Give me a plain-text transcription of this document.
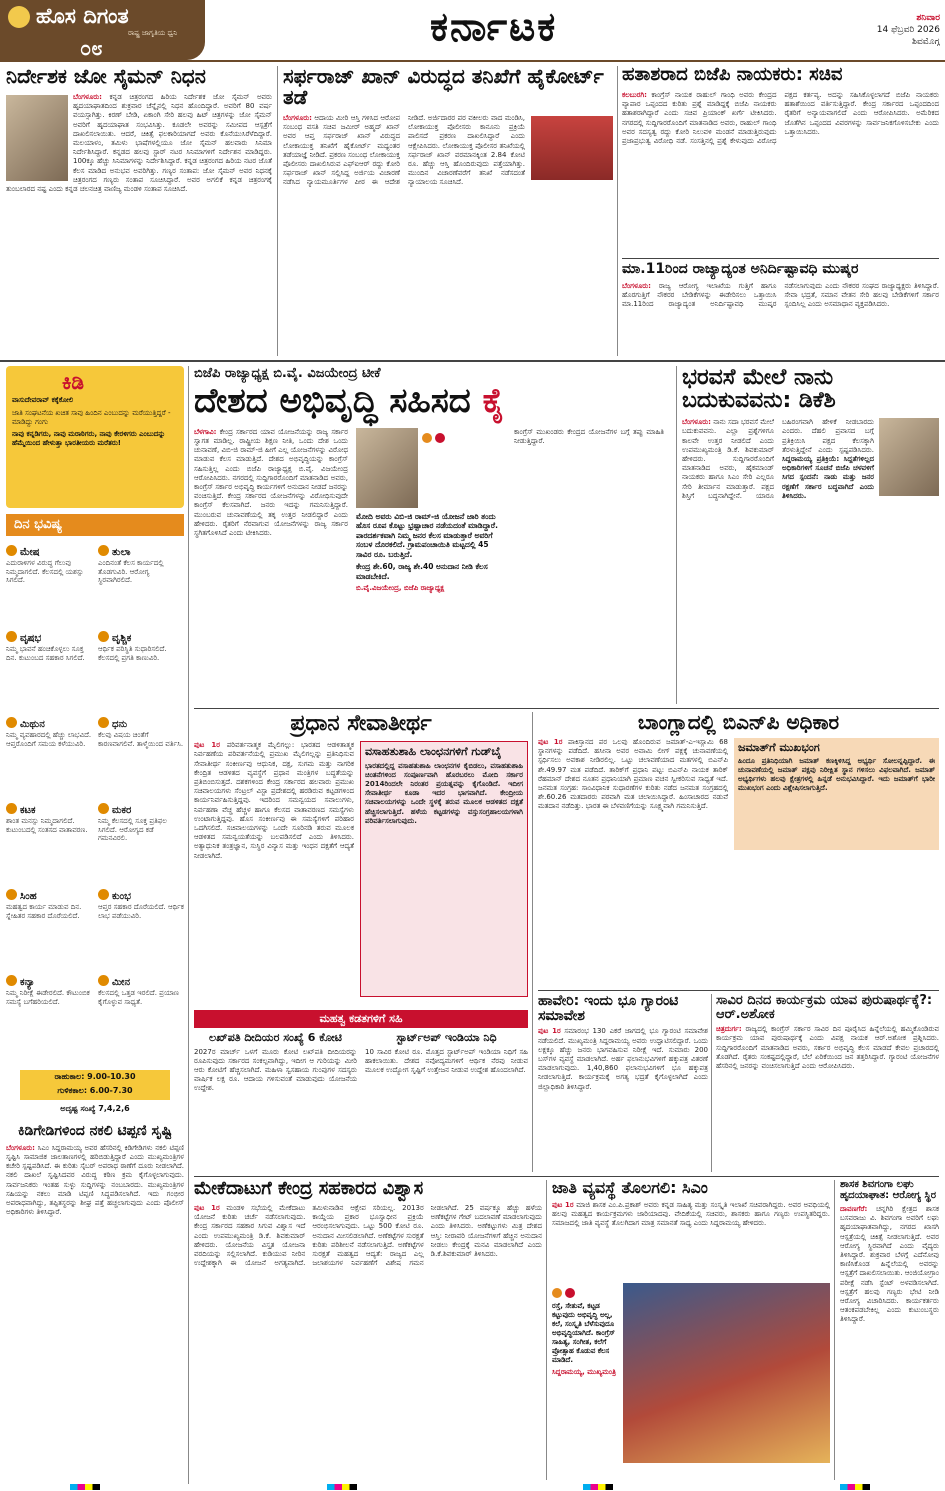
ಹೊಸ ದಿಗಂತ
ರಾಷ್ಟ್ರ ಜಾಗೃತಿಯ ಧ್ವನಿ
೦೮	ಕರ್ನಾಟಕ	ಶನಿವಾರ
14 ಫೆಬ್ರವರಿ 2026
ಶಿವಮೊಗ್ಗ
ನಿರ್ದೇಶಕ ಜೋ ಸೈಮನ್ ನಿಧನ
ಬೆಂಗಳೂರು: ಕನ್ನಡ ಚಿತ್ರರಂಗದ ಹಿರಿಯ ನಿರ್ದೇಶಕ ಜೋ ಸೈಮನ್ ಅವರು ಹೃದಯಾಘಾತದಿಂದ ಶುಕ್ರವಾರ ಚೆನ್ನೈನಲ್ಲಿ ನಿಧನ ಹೊಂದಿದ್ದಾರೆ. ಅವರಿಗೆ 80 ವರ್ಷ ವಯಸ್ಸಾಗಿತ್ತು. ಕಿರಣ್ ಬೇಡಿ, ಏಕಾಂಗಿ ಸೇರಿ ಹಲವು ಹಿಟ್ ಚಿತ್ರಗಳನ್ನು ಜೋ ಸೈಮನ್ ಅವರಿಗೆ ಹೃದಯಾಘಾತ ಸಂಭವಿಸಿತ್ತು. ಕೂಡಲೇ ಅವರನ್ನು ಸಮೀಪದ ಆಸ್ಪತ್ರೆಗೆ ದಾಖಲಿಸಲಾಯಿತು. ಆದರೆ, ಚಿಕಿತ್ಸೆ ಫಲಕಾರಿಯಾಗದೆ ಅವರು ಕೊನೆಯುಸಿರೆಳೆದಿದ್ದಾರೆ. ಮಲಯಾಳಂ, ತಮಿಳು ಭಾಷೆಗಳಲ್ಲಿಯೂ ಜೋ ಸೈಮನ್ ಹಲವಾರು ಸಿನಿಮಾ ನಿರ್ದೇಶಿಸಿದ್ದಾರೆ. ಕನ್ನಡದ ಹಲವು ಸ್ಟಾರ್ ನಟರ ಸಿನಿಮಾಗಳಿಗೆ ನಿರ್ದೇಶನ ಮಾಡಿದ್ದರು. 100ಕ್ಕೂ ಹೆಚ್ಚು ಸಿನಿಮಾಗಳನ್ನು ನಿರ್ದೇಶಿಸಿದ್ದಾರೆ. ಕನ್ನಡ ಚಿತ್ರರಂಗದ ಹಿರಿಯ ನಟರ ಜೊತೆ ಕೆಲಸ ಮಾಡಿದ ಅನುಭವ ಅವರಿಗಿತ್ತು. ಗಣ್ಯರ ಸಂತಾಪ: ಜೋ ಸೈಮನ್ ಅವರ ನಿಧನಕ್ಕೆ ಚಿತ್ರರಂಗದ ಗಣ್ಯರು ಸಂತಾಪ ಸೂಚಿಸಿದ್ದಾರೆ. ಅವರ ಅಗಲಿಕೆ ಕನ್ನಡ ಚಿತ್ರರಂಗಕ್ಕೆ ತುಂಬಲಾರದ ನಷ್ಟ ಎಂದು ಕನ್ನಡ ಚಲನಚಿತ್ರ ವಾಣಿಜ್ಯ ಮಂಡಳಿ ಸಂತಾಪ ಸೂಚಿಸಿದೆ.
ಸರ್ಫರಾಜ್ ಖಾನ್ ವಿರುದ್ಧದ ತನಿಖೆಗೆ ಹೈಕೋರ್ಟ್ ತಡೆ
ಬೆಂಗಳೂರು: ಆದಾಯ ಮೀರಿ ಆಸ್ತಿ ಗಳಿಸಿದ ಆರೋಪ ಸಂಬಂಧ ವಸತಿ ಸಚಿವ ಜಮೀರ್ ಅಹ್ಮದ್ ಖಾನ್ ಅವರ ಆಪ್ತ ಸರ್ಫರಾಜ್ ಖಾನ್ ವಿರುದ್ಧದ ಲೋಕಾಯುಕ್ತ ತನಿಖೆಗೆ ಹೈಕೋರ್ಟ್ ಮಧ್ಯಂತರ ತಡೆಯಾಜ್ಞೆ ನೀಡಿದೆ. ಪ್ರಕರಣ ಸಂಬಂಧ ಲೋಕಾಯುಕ್ತ ಪೊಲೀಸರು ದಾಖಲಿಸಿರುವ ಎಫ್‌ಐಆರ್ ರದ್ದು ಕೋರಿ ಸರ್ಫರಾಜ್ ಖಾನ್ ಸಲ್ಲಿಸಿದ್ದ ಅರ್ಜಿಯ ವಿಚಾರಣೆ ನಡೆಸಿದ ನ್ಯಾಯಮೂರ್ತಿಗಳ ಪೀಠ ಈ ಆದೇಶ ನೀಡಿದೆ. ಅರ್ಜಿದಾರರ ಪರ ವಕೀಲರು ವಾದ ಮಂಡಿಸಿ, ಲೋಕಾಯುಕ್ತ ಪೊಲೀಸರು ಕಾನೂನು ಪ್ರಕ್ರಿಯೆ ಪಾಲಿಸದೆ ಪ್ರಕರಣ ದಾಖಲಿಸಿದ್ದಾರೆ ಎಂದು ಆಕ್ಷೇಪಿಸಿದರು. ಲೋಕಾಯುಕ್ತ ಪೊಲೀಸರ ತನಿಖೆಯಲ್ಲಿ ಸರ್ಫರಾಜ್ ಖಾನ್ ವರಮಾನಕ್ಕಿಂತ 2.84 ಕೋಟಿ ರೂ. ಹೆಚ್ಚು ಆಸ್ತಿ ಹೊಂದಿರುವುದು ಪತ್ತೆಯಾಗಿತ್ತು. ಮುಂದಿನ ವಿಚಾರಣೆವರೆಗೆ ತನಿಖೆ ನಡೆಸದಂತೆ ನ್ಯಾಯಾಲಯ ಸೂಚಿಸಿದೆ.
ಹತಾಶರಾದ ಬಿಜೆಪಿ ನಾಯಕರು: ಸಚಿವ
ಕಲಬುರಗಿ: ಕಾಂಗ್ರೆಸ್ ನಾಯಕ ರಾಹುಲ್ ಗಾಂಧಿ ಅವರು ಕೇಂದ್ರದ ವ್ಯಾಪಾರ ಒಪ್ಪಂದದ ಕುರಿತು ಪ್ರಶ್ನೆ ಮಾಡಿದ್ದಕ್ಕೆ ಬಿಜೆಪಿ ನಾಯಕರು ಹತಾಶರಾಗಿದ್ದಾರೆ ಎಂದು ಸಚಿವ ಪ್ರಿಯಾಂಕ್ ಖರ್ಗೆ ಟೀಕಿಸಿದರು. ನಗರದಲ್ಲಿ ಸುದ್ದಿಗಾರರೊಂದಿಗೆ ಮಾತನಾಡಿದ ಅವರು, ರಾಹುಲ್ ಗಾಂಧಿ ಅವರ ಸದಸ್ಯತ್ವ ರದ್ದು ಕೋರಿ ನಿಲುವಳಿ ಮಂಡನೆ ಮಾಡುತ್ತಿರುವುದು ಪ್ರಜಾಪ್ರಭುತ್ವ ವಿರೋಧಿ ನಡೆ. ಸಂಸತ್ತಿನಲ್ಲಿ ಪ್ರಶ್ನೆ ಕೇಳುವುದು ವಿರೋಧ ಪಕ್ಷದ ಕರ್ತವ್ಯ. ಅದನ್ನು ಸಹಿಸಿಕೊಳ್ಳಲಾಗದೆ ಬಿಜೆಪಿ ನಾಯಕರು ಹತಾಶೆಯಿಂದ ವರ್ತಿಸುತ್ತಿದ್ದಾರೆ. ಕೇಂದ್ರ ಸರ್ಕಾರದ ಒಪ್ಪಂದದಿಂದ ರೈತರಿಗೆ ಅನ್ಯಾಯವಾಗಲಿದೆ ಎಂದು ಆರೋಪಿಸಿದರು. ಅಮೆರಿಕದ ಜೊತೆಗಿನ ಒಪ್ಪಂದದ ವಿವರಗಳನ್ನು ಸಾರ್ವಜನಿಕಗೊಳಿಸಬೇಕು ಎಂದು ಒತ್ತಾಯಿಸಿದರು.
ಮಾ.11ರಿಂದ ರಾಜ್ಯಾದ್ಯಂತ ಅನಿರ್ದಿಷ್ಟಾವಧಿ ಮುಷ್ಕರ
ಬೆಂಗಳೂರು: ರಾಜ್ಯ ಆರೋಗ್ಯ ಇಲಾಖೆಯ ಗುತ್ತಿಗೆ ಹಾಗೂ ಹೊರಗುತ್ತಿಗೆ ನೌಕರರ ಬೇಡಿಕೆಗಳನ್ನು ಈಡೇರಿಸಲು ಒತ್ತಾಯಿಸಿ ಮಾ.11ರಿಂದ ರಾಜ್ಯಾದ್ಯಂತ ಅನಿರ್ದಿಷ್ಟಾವಧಿ ಮುಷ್ಕರ ನಡೆಸಲಾಗುವುದು ಎಂದು ನೌಕರರ ಸಂಘದ ರಾಜ್ಯಾಧ್ಯಕ್ಷರು ತಿಳಿಸಿದ್ದಾರೆ. ಸೇವಾ ಭದ್ರತೆ, ಸಮಾನ ವೇತನ ಸೇರಿ ಹಲವು ಬೇಡಿಕೆಗಳಿಗೆ ಸರ್ಕಾರ ಸ್ಪಂದಿಸಿಲ್ಲ ಎಂದು ಅಸಮಾಧಾನ ವ್ಯಕ್ತಪಡಿಸಿದರು.
ಕಿಡಿ
ವಾಸುದೇವರಾವ್ ಕಕ್ಕೆಕೋಲಿ
ಜಾತಿ ಸಂಘಟನೆಯ ಖಚಿತ ಸಾವು ಹಿಂದಿನ ಎಂಬುದನ್ನು ಮರೆಯುತ್ತಿದ್ದರೆ - ಮಾಡಿದ್ದು ಗಂಗು
ನಾವು ಕನ್ನಡಿಗರು, ನಾವು ಮರಾಠಿಗರು, ನಾವು ಕೇರಳಿಗರು ಎಂಬುದನ್ನು ಹೆಮ್ಮೆಯಿಂದ ಹೇಳುತ್ತಾ ಭಾರತೀಯರು ಮರೆತರು!
ದಿನ ಭವಿಷ್ಯ
ಮೇಷ
ಎದುರಾಳಿಗಳ ವಿರುದ್ಧ ಗೆಲುವು ನಿಮ್ಮದಾಗಲಿದೆ. ಕೆಲಸದಲ್ಲಿ ಯಶಸ್ಸು ಸಿಗಲಿದೆ.
ತುಲಾ
ಎಂದಿನಂತೆ ಕೆಲಸ ಕಾರ್ಯದಲ್ಲಿ ತೊಡಗುವಿರಿ. ಆರೋಗ್ಯ ಸ್ಥಿರವಾಗಿರಲಿದೆ.
ವೃಷಭ
ನಿಮ್ಮ ಭಾವನೆ ಹಂಚಿಕೊಳ್ಳಲು ಸೂಕ್ತ ದಿನ. ಕುಟುಂಬದ ಸಹಕಾರ ಸಿಗಲಿದೆ.
ವೃಶ್ಚಿಕ
ಆರ್ಥಿಕ ಪರಿಸ್ಥಿತಿ ಸುಧಾರಿಸಲಿದೆ. ಕೆಲಸದಲ್ಲಿ ಪ್ರಗತಿ ಕಾಣುವಿರಿ.
ಮಿಥುನ
ನಿಮ್ಮ ವ್ಯವಹಾರದಲ್ಲಿ ಹೆಚ್ಚು ಲಾಭವಿದೆ. ಆಪ್ತರೊಂದಿಗೆ ಸಮಯ ಕಳೆಯುವಿರಿ.
ಧನು
ಕೆಲವು ವಿಷಯ ಚಿಂತೆಗೆ ಕಾರಣವಾಗಲಿವೆ. ತಾಳ್ಮೆಯಿಂದ ವರ್ತಿಸಿ.
ಕಟಕ
ಶಾಂತ ಮನಸ್ಸು ನಿಮ್ಮದಾಗಲಿದೆ. ಕುಟುಂಬದಲ್ಲಿ ಸಂತಸದ ವಾತಾವರಣ.
ಮಕರ
ನಿಮ್ಮ ಕೆಲಸದಲ್ಲಿ ಸೂಕ್ತ ಪ್ರತಿಫಲ ಸಿಗಲಿದೆ. ಆರೋಗ್ಯದ ಕಡೆ ಗಮನವಿರಲಿ.
ಸಿಂಹ
ಮಹತ್ವದ ಕಾರ್ಯ ಮಾಡುವ ದಿನ. ಸ್ನೇಹಿತರ ಸಹಕಾರ ದೊರೆಯಲಿದೆ.
ಕುಂಭ
ಆಪ್ತರ ಸಹಕಾರ ದೊರೆಯಲಿದೆ. ಆರ್ಥಿಕ ಲಾಭ ಪಡೆಯುವಿರಿ.
ಕನ್ಯಾ
ನಿಮ್ಮ ನಿರೀಕ್ಷೆ ಈಡೇರಲಿದೆ. ಕೌಟುಂಬಿಕ ಸಮಸ್ಯೆ ಬಗೆಹರಿಯಲಿದೆ.
ಮೀನ
ಕೆಲಸದಲ್ಲಿ ಒತ್ತಡ ಇರಲಿದೆ. ಪ್ರಯಾಣ ಕೈಗೊಳ್ಳುವ ಸಾಧ್ಯತೆ.
ರಾಹುಕಾಲ: 9.00-10.30
ಗುಳಿಕಕಾಲ: 6.00-7.30
ಅದೃಷ್ಟ ಸಂಖ್ಯೆ 7,4,2,6
ಕಿಡಿಗೇಡಿಗಳಿಂದ ನಕಲಿ ಟಿಪ್ಪಣಿ ಸೃಷ್ಟಿ
ಬೆಂಗಳೂರು: ಸಿಎಂ ಸಿದ್ದರಾಮಯ್ಯ ಅವರ ಹೆಸರಿನಲ್ಲಿ ಕಿಡಿಗೇಡಿಗಳು ನಕಲಿ ಟಿಪ್ಪಣಿ ಸೃಷ್ಟಿಸಿ ಸಾಮಾಜಿಕ ಜಾಲತಾಣಗಳಲ್ಲಿ ಹರಿಬಿಡುತ್ತಿದ್ದಾರೆ ಎಂದು ಮುಖ್ಯಮಂತ್ರಿಗಳ ಕಚೇರಿ ಸ್ಪಷ್ಟಪಡಿಸಿದೆ. ಈ ಕುರಿತು ಸೈಬರ್ ಅಪರಾಧ ಠಾಣೆಗೆ ದೂರು ನೀಡಲಾಗಿದೆ. ನಕಲಿ ದಾಖಲೆ ಸೃಷ್ಟಿಸಿದವರ ವಿರುದ್ಧ ಕಠಿಣ ಕ್ರಮ ಕೈಗೊಳ್ಳಲಾಗುವುದು. ಸಾರ್ವಜನಿಕರು ಇಂತಹ ಸುಳ್ಳು ಸುದ್ದಿಗಳನ್ನು ನಂಬಬಾರದು. ಮುಖ್ಯಮಂತ್ರಿಗಳ ಸಹಿಯನ್ನು ನಕಲು ಮಾಡಿ ಟಿಪ್ಪಣಿ ಸಿದ್ಧಪಡಿಸಲಾಗಿದೆ. ಇದು ಗಂಭೀರ ಅಪರಾಧವಾಗಿದ್ದು, ತಪ್ಪಿತಸ್ಥರನ್ನು ಶೀಘ್ರ ಪತ್ತೆ ಹಚ್ಚಲಾಗುವುದು ಎಂದು ಪೊಲೀಸ್ ಅಧಿಕಾರಿಗಳು ತಿಳಿಸಿದ್ದಾರೆ.
ಬಿಜೆಪಿ ರಾಜ್ಯಾಧ್ಯಕ್ಷ ಬಿ.ವೈ. ವಿಜಯೇಂದ್ರ ಟೀಕೆ
ದೇಶದ ಅಭಿವೃದ್ಧಿ ಸಹಿಸದ ಕೈ
ಬೆಳಗಾವಿ: ಕೇಂದ್ರ ಸರ್ಕಾರದ ಯಾವ ಯೋಜನೆಯನ್ನು ರಾಜ್ಯ ಸರ್ಕಾರ ಸ್ವಾಗತ ಮಾಡಿಲ್ಲ. ರಾಷ್ಟ್ರೀಯ ಶಿಕ್ಷಣ ನೀತಿ, ಒಂದು ದೇಶ ಒಂದು ಚುನಾವಣೆ, ವಿಬಿ-ಜಿ ರಾಮ್-ಜಿ ಹೀಗೆ ಎಲ್ಲ ಯೋಜನೆಗಳನ್ನು ವಿರೋಧ ಮಾಡುವ ಕೆಲಸ ಮಾಡುತ್ತಿದೆ. ದೇಶದ ಅಭಿವೃದ್ಧಿಯನ್ನು ಕಾಂಗ್ರೆಸ್ ಸಹಿಸುತ್ತಿಲ್ಲ ಎಂದು ಬಿಜೆಪಿ ರಾಜ್ಯಾಧ್ಯಕ್ಷ ಬಿ.ವೈ. ವಿಜಯೇಂದ್ರ ಆರೋಪಿಸಿದರು. ನಗರದಲ್ಲಿ ಸುದ್ದಿಗಾರರೊಂದಿಗೆ ಮಾತನಾಡಿದ ಅವರು, ಕಾಂಗ್ರೆಸ್ ಸರ್ಕಾರ ಅಭಿವೃದ್ಧಿ ಕಾರ್ಯಗಳಿಗೆ ಅನುದಾನ ನೀಡದೆ ಜನರನ್ನು ವಂಚಿಸುತ್ತಿದೆ. ಕೇಂದ್ರ ಸರ್ಕಾರದ ಯೋಜನೆಗಳನ್ನು ವಿರೋಧಿಸುವುದೇ ಕಾಂಗ್ರೆಸ್ ಕೆಲಸವಾಗಿದೆ. ಜನರು ಇದನ್ನು ಗಮನಿಸುತ್ತಿದ್ದಾರೆ. ಮುಂಬರುವ ಚುನಾವಣೆಯಲ್ಲಿ ತಕ್ಕ ಉತ್ತರ ನೀಡಲಿದ್ದಾರೆ ಎಂದು ಹೇಳಿದರು. ರೈತರಿಗೆ ನೆರವಾಗುವ ಯೋಜನೆಗಳನ್ನು ರಾಜ್ಯ ಸರ್ಕಾರ ಸ್ಥಗಿತಗೊಳಿಸಿದೆ ಎಂದು ಟೀಕಿಸಿದರು.
ಮೋದಿ ಅವರು ವಿಬಿ-ಜಿ ರಾಮ್-ಜಿ ಯೋಜನೆ ಜಾರಿ ತಂದು ಹೊಸ ರೂಪ ಕೊಟ್ಟು ಭ್ರಷ್ಟಾಚಾರ ನಡೆಯದಂತೆ ಮಾಡಿದ್ದಾರೆ. ಪಾರದರ್ಶಕವಾಗಿ ನಿಮ್ಮ ಜನರ ಕೆಲಸ ಮಾಡುತ್ತಾರೆ ಅವರಿಗೆ ಸಂಬಳ ದೊರಕಲಿದೆ. ಗ್ರಾಮಪಂಚಾಯಿತಿ ಮಟ್ಟದಲ್ಲಿ 45 ಸಾವಿರ ರೂ. ಬರುತ್ತಿದೆ.
ಕೇಂದ್ರ ಶೇ.60, ರಾಜ್ಯ ಶೇ.40 ಅನುದಾನ ನೀಡಿ ಕೆಲಸ ಮಾಡಬೇಕಿದೆ.
ಬಿ.ವೈ.ವಿಜಯೇಂದ್ರ, ಬಿಜೆಪಿ ರಾಜ್ಯಾಧ್ಯಕ್ಷ
ಕಾಂಗ್ರೆಸ್ ಮುಖಂಡರು ಕೇಂದ್ರದ ಯೋಜನೆಗಳ ಬಗ್ಗೆ ತಪ್ಪು ಮಾಹಿತಿ ನೀಡುತ್ತಿದ್ದಾರೆ.
ಭರವಸೆ ಮೇಲೆ ನಾನು ಬದುಕುವವನು: ಡಿಕೆಶಿ
ಬೆಂಗಳೂರು: ನಾನು ಸದಾ ಭರವಸೆ ಮೇಲೆ ಬದುಕುವವನು. ಎಲ್ಲಾ ಪ್ರಶ್ನೆಗಳಿಗೂ ಕಾಲವೇ ಉತ್ತರ ನೀಡಲಿದೆ ಎಂದು ಉಪಮುಖ್ಯಮಂತ್ರಿ ಡಿ.ಕೆ. ಶಿವಕುಮಾರ್ ಹೇಳಿದರು. ಸುದ್ದಿಗಾರರೊಂದಿಗೆ ಮಾತನಾಡಿದ ಅವರು, ಹೈಕಮಾಂಡ್ ನಾಯಕರು ಹಾಗೂ ಸಿಎಂ ಸೇರಿ ಎಲ್ಲರೂ ಸೇರಿ ತೀರ್ಮಾನ ಮಾಡುತ್ತಾರೆ. ಪಕ್ಷದ ಶಿಸ್ತಿಗೆ ಬದ್ಧನಾಗಿದ್ದೇನೆ. ಯಾರೂ ಬಹಿರಂಗವಾಗಿ ಹೇಳಿಕೆ ನೀಡಬಾರದು ಎಂದರು. ದೆಹಲಿ ಪ್ರವಾಸದ ಬಗ್ಗೆ ಪ್ರತಿಕ್ರಿಯಿಸಿ ಪಕ್ಷದ ಕೆಲಸಕ್ಕಾಗಿ ತೆರಳುತ್ತಿದ್ದೇನೆ ಎಂದು ಸ್ಪಷ್ಟಪಡಿಸಿದರು. ಸಿದ್ದರಾಮಯ್ಯ ಪ್ರತಿಕ್ರಿಯೆ: ಸಿದ್ದತೆಗಳಿಲ್ಲದ ಅಧಿಕಾರಿಗಳಿಗೆ ಸೂಚನೆ ಬಿಜೆಪಿ ಚಳವಳಿಗೆ ಸಿಗದ ಸ್ಪಂದನೆ: ನಾಡು ಮತ್ತು ಜನರ ರಕ್ಷಣೆಗೆ ಸರ್ಕಾರ ಬದ್ಧವಾಗಿದೆ ಎಂದು ತಿಳಿಸಿದರು.
ಪ್ರಧಾನ ಸೇವಾತೀರ್ಥ
ಪುಟ 1ರ ಪರಿವರ್ತನಾತ್ಮಕ ಮೈಲಿಗಲ್ಲು: ಭಾರತದ ಆಡಳಿತಾತ್ಮಕ ನಿರ್ವಹಣೆಯ ಪರಿವರ್ತನೆಯಲ್ಲಿ ಪ್ರಮುಖ ಮೈಲಿಗಲ್ಲನ್ನು ಪ್ರತಿನಿಧಿಸುವ ಸೇವಾತೀರ್ಥ ಸಂಕೀರ್ಣವು ಆಧುನಿಕ, ದಕ್ಷ, ಸುಗಮ ಮತ್ತು ನಾಗರಿಕ ಕೇಂದ್ರಿತ ಆಡಳಿತದ ವ್ಯವಸ್ಥೆಗೆ ಪ್ರಧಾನ ಮಂತ್ರಿಗಳ ಬದ್ಧತೆಯನ್ನು ಪ್ರತಿಬಿಂಬಿಸುತ್ತದೆ. ದಶಕಗಳಿಂದ ಕೇಂದ್ರ ಸರ್ಕಾರದ ಹಲವಾರು ಪ್ರಮುಖ ಸಚಿವಾಲಯಗಳು ಸೆಂಟ್ರಲ್ ವಿಸ್ಟಾ ಪ್ರದೇಶದಲ್ಲಿ ಹರಡಿರುವ ಕಟ್ಟಡಗಳಿಂದ ಕಾರ್ಯನಿರ್ವಹಿಸುತ್ತಿದ್ದವು. ಇದರಿಂದ ಸಮನ್ವಯದ ಸವಾಲುಗಳು, ನಿರ್ವಹಣಾ ವೆಚ್ಚ ಹೆಚ್ಚಳ ಹಾಗೂ ಕೆಲಸದ ವಾತಾವರಣದ ಸಮಸ್ಯೆಗಳು ಉಂಟಾಗುತ್ತಿದ್ದವು. ಹೊಸ ಸಂಕೀರ್ಣವು ಈ ಸಮಸ್ಯೆಗಳಿಗೆ ಪರಿಹಾರ ಒದಗಿಸಲಿದೆ. ಸಚಿವಾಲಯಗಳನ್ನು ಒಂದೇ ಸೂರಿನಡಿ ತರುವ ಮೂಲಕ ಆಡಳಿತದ ಸಮನ್ವಯತೆಯನ್ನು ಬಲಪಡಿಸಲಿದೆ ಎಂದು ತಿಳಿಸಿದರು. ಅತ್ಯಾಧುನಿಕ ತಂತ್ರಜ್ಞಾನ, ಸುಸ್ಥಿರ ವಿನ್ಯಾಸ ಮತ್ತು ಇಂಧನ ದಕ್ಷತೆಗೆ ಆದ್ಯತೆ ನೀಡಲಾಗಿದೆ.
ವಸಾಹತುಶಾಹಿ ಲಾಂಛನಗಳಿಗೆ ಗುಡ್‌ಬೈ
ಭಾರತದಲ್ಲಿದ್ದ ವಸಾಹತುಶಾಹಿ ಲಾಂಛನಗಳ ಕೈಬಿಡಲು, ವಸಾಹತುಶಾಹಿ ಚಿಂತನೆಗಳಿಂದ ಸಂಪೂರ್ಣವಾಗಿ ಹೊರಬರಲು ಮೋದಿ ಸರ್ಕಾರ 2014ರಿಂದಲೇ ನಿರಂತರ ಪ್ರಯತ್ನವನ್ನು ಕೈಗೊಂಡಿದೆ. ಇದೀಗ ಸೇವಾತೀರ್ಥ ಕೂಡಾ ಇದರ ಭಾಗವಾಗಿದೆ. ಕೇಂದ್ರೀಯ ಸಚಿವಾಲಯಗಳನ್ನು ಒಂದೇ ಸ್ಥಳಕ್ಕೆ ತರುವ ಮೂಲಕ ಆಡಳಿತದ ದಕ್ಷತೆ ಹೆಚ್ಚಿಸಲಾಗುತ್ತಿದೆ. ಹಳೆಯ ಕಟ್ಟಡಗಳನ್ನು ವಸ್ತುಸಂಗ್ರಹಾಲಯಗಳಾಗಿ ಪರಿವರ್ತಿಸಲಾಗುವುದು.
ಮಹತ್ವ ಕಡತಗಳಿಗೆ ಸಹಿ
ಲಖ್‌ಪತಿ ದೀದಿಯರ ಸಂಖ್ಯೆ 6 ಕೋಟಿ
2027ರ ಮಾರ್ಚ್ ಒಳಗೆ ಮೂರು ಕೋಟಿ ಲಖ್‌ಪತಿ ದೀದಿಯರನ್ನು ರೂಪಿಸುವುದು ಸರ್ಕಾರದ ಸಂಕಲ್ಪವಾಗಿದ್ದು, ಇದೀಗ ಆ ಗುರಿಯನ್ನು ಮೀರಿ ಆರು ಕೋಟಿಗೆ ಹೆಚ್ಚಿಸಲಾಗಿದೆ. ಮಹಿಳಾ ಸ್ವಸಹಾಯ ಗುಂಪುಗಳ ಸದಸ್ಯರು ವಾರ್ಷಿಕ ಲಕ್ಷ ರೂ. ಆದಾಯ ಗಳಿಸುವಂತೆ ಮಾಡುವುದು ಯೋಜನೆಯ ಉದ್ದೇಶ.
ಸ್ಟಾರ್ಟ್‌ಅಪ್ ಇಂಡಿಯಾ ನಿಧಿ
10 ಸಾವಿರ ಕೋಟಿ ರೂ. ಮೊತ್ತದ ಸ್ಟಾರ್ಟ್‌ಅಪ್ ಇಂಡಿಯಾ ನಿಧಿಗೆ ಸಹಿ ಹಾಕಲಾಯಿತು. ದೇಶದ ನವೋದ್ಯಮಗಳಿಗೆ ಆರ್ಥಿಕ ನೆರವು ನೀಡುವ ಮೂಲಕ ಉದ್ಯೋಗ ಸೃಷ್ಟಿಗೆ ಉತ್ತೇಜನ ನೀಡುವ ಉದ್ದೇಶ ಹೊಂದಲಾಗಿದೆ.
ಬಾಂಗ್ಲಾದಲ್ಲಿ ಬಿಎನ್‌ಪಿ ಅಧಿಕಾರ
ಪುಟ 1ರ ಪಾಕಿಸ್ತಾನದ ಪರ ಒಲವು ಹೊಂದಿರುವ ಜಮಾತ್-ಎ-ಇಸ್ಲಾಮಿ 68 ಸ್ಥಾನಗಳನ್ನು ಪಡೆದಿದೆ. ಹಸೀನಾ ಅವರ ಅವಾಮಿ ಲೀಗ್ ಪಕ್ಷಕ್ಕೆ ಚುನಾವಣೆಯಲ್ಲಿ ಸ್ಪರ್ಧಿಸಲು ಅವಕಾಶ ನೀಡಿರಲಿಲ್ಲ. ಒಟ್ಟು ಚಲಾವಣೆಯಾದ ಮತಗಳಲ್ಲಿ ಬಿಎನ್‌ಪಿ ಶೇ.49.97 ಮತ ಪಡೆದಿದೆ. ತಾರಿಕ್‌ಗೆ ಪ್ರಧಾನಿ ಪಟ್ಟ: ಬಿಎನ್‌ಪಿ ನಾಯಕ ತಾರಿಕ್ ರೆಹಮಾನ್ ದೇಶದ ನೂತನ ಪ್ರಧಾನಿಯಾಗಿ ಪ್ರಮಾಣ ವಚನ ಸ್ವೀಕರಿಸುವ ಸಾಧ್ಯತೆ ಇದೆ. ಜನಮತ ಸಂಗ್ರಹ: ಸಾಂವಿಧಾನಿಕ ಸುಧಾರಣೆಗಳ ಕುರಿತು ನಡೆದ ಜನಮತ ಸಂಗ್ರಹದಲ್ಲಿ ಶೇ.60.26 ಮತದಾರರು ಪರವಾಗಿ ಮತ ಚಲಾಯಿಸಿದ್ದಾರೆ. ಹಿಂಸಾಚಾರದ ನಡುವೆ ಮತದಾನ ನಡೆದಿತ್ತು. ಭಾರತ ಈ ಬೆಳವಣಿಗೆಯನ್ನು ಸೂಕ್ಷ್ಮವಾಗಿ ಗಮನಿಸುತ್ತಿದೆ.
ಜಮಾತ್‌ಗೆ ಮುಖಭಂಗ
ಹಿಂದೂ ಪ್ರತಿನಿಧಿಯಾಗಿ ಜಮಾತ್ ಕಣಕ್ಕಿಳಿಸಿದ್ದ ಅಭ್ಯರ್ಥಿ ಸೋಲನ್ನಪ್ಪಿದ್ದಾರೆ. ಈ ಚುನಾವಣೆಯಲ್ಲಿ ಜಮಾತ್ ಪಕ್ಷವು ನಿರೀಕ್ಷಿತ ಸ್ಥಾನ ಗಳಿಸಲು ವಿಫಲವಾಗಿದೆ. ಜಮಾತ್ ಅಭ್ಯರ್ಥಿಗಳು ಹಲವು ಕ್ಷೇತ್ರಗಳಲ್ಲಿ ಹಿನ್ನಡೆ ಅನುಭವಿಸಿದ್ದಾರೆ. ಇದು ಜಮಾತ್‌ಗೆ ಭಾರೀ ಮುಖಭಂಗ ಎಂದು ವಿಶ್ಲೇಷಿಸಲಾಗುತ್ತಿದೆ.
ಹಾವೇರಿ: ಇಂದು ಭೂ ಗ್ಯಾರಂಟಿ ಸಮಾವೇಶ
ಪುಟ 1ರ ಸಮಾರಂಭ 130 ಎಕರೆ ಜಾಗದಲ್ಲಿ ಭೂ ಗ್ಯಾರಂಟಿ ಸಮಾವೇಶ ನಡೆಯಲಿದೆ. ಮುಖ್ಯಮಂತ್ರಿ ಸಿದ್ದರಾಮಯ್ಯ ಅವರು ಉದ್ಘಾಟಿಸಲಿದ್ದಾರೆ. ಒಂದು ಲಕ್ಷಕ್ಕೂ ಹೆಚ್ಚು ಜನರು ಭಾಗವಹಿಸುವ ನಿರೀಕ್ಷೆ ಇದೆ. ಸುಮಾರು 200 ಬಸ್‌ಗಳ ವ್ಯವಸ್ಥೆ ಮಾಡಲಾಗಿದೆ. ಅರ್ಹ ಫಲಾನುಭವಿಗಳಿಗೆ ಹಕ್ಕುಪತ್ರ ವಿತರಣೆ ಮಾಡಲಾಗುವುದು. 1,40,860 ಫಲಾನುಭವಿಗಳಿಗೆ ಭೂ ಹಕ್ಕುಪತ್ರ ನೀಡಲಾಗುತ್ತಿದೆ. ಕಾರ್ಯಕ್ರಮಕ್ಕೆ ಅಗತ್ಯ ಭದ್ರತೆ ಕೈಗೊಳ್ಳಲಾಗಿದೆ ಎಂದು ಜಿಲ್ಲಾಧಿಕಾರಿ ತಿಳಿಸಿದ್ದಾರೆ.
ಸಾವಿರ ದಿನದ ಕಾರ್ಯಕ್ರಮ ಯಾವ ಪುರುಷಾರ್ಥಕ್ಕೆ?: ಆರ್.ಅಶೋಕ
ಚಿತ್ರದುರ್ಗ: ರಾಜ್ಯದಲ್ಲಿ ಕಾಂಗ್ರೆಸ್ ಸರ್ಕಾರ ಸಾವಿರ ದಿನ ಪೂರೈಸಿದ ಹಿನ್ನೆಲೆಯಲ್ಲಿ ಹಮ್ಮಿಕೊಂಡಿರುವ ಕಾರ್ಯಕ್ರಮ ಯಾವ ಪುರುಷಾರ್ಥಕ್ಕೆ ಎಂದು ವಿಪಕ್ಷ ನಾಯಕ ಆರ್.ಅಶೋಕ ಪ್ರಶ್ನಿಸಿದರು. ಸುದ್ದಿಗಾರರೊಂದಿಗೆ ಮಾತನಾಡಿದ ಅವರು, ಸರ್ಕಾರ ಅಭಿವೃದ್ಧಿ ಕೆಲಸ ಮಾಡದೆ ಕೇವಲ ಪ್ರಚಾರದಲ್ಲಿ ತೊಡಗಿದೆ. ರೈತರು ಸಂಕಷ್ಟದಲ್ಲಿದ್ದಾರೆ, ಬೆಲೆ ಏರಿಕೆಯಿಂದ ಜನ ತತ್ತರಿಸಿದ್ದಾರೆ. ಗ್ಯಾರಂಟಿ ಯೋಜನೆಗಳ ಹೆಸರಿನಲ್ಲಿ ಜನರನ್ನು ವಂಚಿಸಲಾಗುತ್ತಿದೆ ಎಂದು ಆರೋಪಿಸಿದರು.
ಮೇಕೆದಾಟುಗೆ ಕೇಂದ್ರ ಸಹಕಾರದ ವಿಶ್ವಾಸ
ಪುಟ 1ರ ಮಂಡಳಿ ಸಭೆಯಲ್ಲಿ ಮೇಕೆದಾಟು ಯೋಜನೆ ಕುರಿತು ಚರ್ಚೆ ನಡೆಸಲಾಗುವುದು. ಕೇಂದ್ರ ಸರ್ಕಾರದ ಸಹಕಾರ ಸಿಗುವ ವಿಶ್ವಾಸ ಇದೆ ಎಂದು ಉಪಮುಖ್ಯಮಂತ್ರಿ ಡಿ.ಕೆ. ಶಿವಕುಮಾರ್ ಹೇಳಿದರು. ಯೋಜನೆಯ ವಿಸ್ತೃತ ಯೋಜನಾ ವರದಿಯನ್ನು ಸಲ್ಲಿಸಲಾಗಿದೆ. ಕುಡಿಯುವ ನೀರಿನ ಉದ್ದೇಶಕ್ಕಾಗಿ ಈ ಯೋಜನೆ ಅಗತ್ಯವಾಗಿದೆ. ತಮಿಳುನಾಡಿನ ಆಕ್ಷೇಪ ಸರಿಯಲ್ಲ. 2013ರ ಕಾಯ್ದೆಯ ಪ್ರಕಾರ ಭೂಸ್ವಾಧೀನ ಪ್ರಕ್ರಿಯೆ ಆರಂಭಿಸಲಾಗುವುದು. ಒಟ್ಟು 500 ಕೋಟಿ ರೂ. ಅನುದಾನ ಮೀಸಲಿಡಲಾಗಿದೆ. ಅಣೆಕಟ್ಟೆಗಳ ಸುರಕ್ಷತೆ ಕುರಿತು ಪರಿಶೀಲನೆ ನಡೆಸಲಾಗುತ್ತಿದೆ. ಅಣೆಕಟ್ಟೆಗಳ ಸುರಕ್ಷತೆ ಮಹತ್ವದ ಆದ್ಯತೆ: ರಾಜ್ಯದ ಎಲ್ಲ ಜಲಾಶಯಗಳ ನಿರ್ವಹಣೆಗೆ ವಿಶೇಷ ಗಮನ ನೀಡಲಾಗಿದೆ. 25 ವರ್ಷಕ್ಕೂ ಹೆಚ್ಚು ಹಳೆಯ ಅಣೆಕಟ್ಟೆಗಳ ಗೇಟ್ ಬದಲಾವಣೆ ಮಾಡಲಾಗುವುದು ಎಂದು ತಿಳಿಸಿದರು. ಅಣೆಕಟ್ಟುಗಳು ಮಿತ್ರ ದೇಶದ ಆಸ್ತಿ: ನೀರಾವರಿ ಯೋಜನೆಗಳಿಗೆ ಹೆಚ್ಚಿನ ಅನುದಾನ ನೀಡಲು ಕೇಂದ್ರಕ್ಕೆ ಮನವಿ ಮಾಡಲಾಗಿದೆ ಎಂದು ಡಿ.ಕೆ.ಶಿವಕುಮಾರ್ ತಿಳಿಸಿದರು.
ಜಾತಿ ವ್ಯವಸ್ಥೆ ತೊಲಗಲಿ: ಸಿಎಂ
ಪುಟ 1ರ ಮಾಜಿ ಶಾಸಕ ಎಂ.ಪಿ.ಪ್ರಕಾಶ್ ಅವರು ಕನ್ನಡ ಸಾಹಿತ್ಯ ಮತ್ತು ಸಂಸ್ಕೃತಿ ಇಲಾಖೆ ಸಚಿವರಾಗಿದ್ದರು. ಅವರ ಅವಧಿಯಲ್ಲಿ ಹಲವು ಮಹತ್ವದ ಕಾರ್ಯಕ್ರಮಗಳು ಜಾರಿಯಾದವು. ವೇದಿಕೆಯಲ್ಲಿ ಸಚಿವರು, ಶಾಸಕರು ಹಾಗೂ ಗಣ್ಯರು ಉಪಸ್ಥಿತರಿದ್ದರು. ಸಮಾಜದಲ್ಲಿ ಜಾತಿ ವ್ಯವಸ್ಥೆ ತೊಲಗಿದಾಗ ಮಾತ್ರ ಸಮಾನತೆ ಸಾಧ್ಯ ಎಂದು ಸಿದ್ದರಾಮಯ್ಯ ಹೇಳಿದರು.
ರಸ್ತೆ, ಸೇತುವೆ, ಕಟ್ಟಡ ಕಟ್ಟುವುದು ಅಭಿವೃದ್ಧಿ ಅಲ್ಲ, ಕಲೆ, ಸಂಸ್ಕೃತಿ ಬೆಳೆಸುವುದೂ ಅಭಿವೃದ್ಧಿಯಾಗಿದೆ. ಕಾಂಗ್ರೆಸ್ ಸಾಹಿತ್ಯ, ಸಂಗೀತ, ಕಲೆಗೆ ಪ್ರೋತ್ಸಾಹ ಕೊಡುವ ಕೆಲಸ ಮಾಡಿದೆ.
ಸಿದ್ದರಾಮಯ್ಯ, ಮುಖ್ಯಮಂತ್ರಿ
ಶಾಸಕ ಶಿವಗಂಗಾ ಲಘು ಹೃದಯಾಘಾತ: ಆರೋಗ್ಯ ಸ್ಥಿರ
ದಾವಣಗೆರೆ: ಚನ್ನಗಿರಿ ಕ್ಷೇತ್ರದ ಶಾಸಕ ಬಸವರಾಜು ವಿ. ಶಿವಗಂಗಾ ಅವರಿಗೆ ಲಘು ಹೃದಯಾಘಾತವಾಗಿದ್ದು, ನಗರದ ಖಾಸಗಿ ಆಸ್ಪತ್ರೆಯಲ್ಲಿ ಚಿಕಿತ್ಸೆ ನೀಡಲಾಗುತ್ತಿದೆ. ಅವರ ಆರೋಗ್ಯ ಸ್ಥಿರವಾಗಿದೆ ಎಂದು ವೈದ್ಯರು ತಿಳಿಸಿದ್ದಾರೆ. ಶುಕ್ರವಾರ ಬೆಳಗ್ಗೆ ಎದೆನೋವು ಕಾಣಿಸಿಕೊಂಡ ಹಿನ್ನೆಲೆಯಲ್ಲಿ ಅವರನ್ನು ಆಸ್ಪತ್ರೆಗೆ ದಾಖಲಿಸಲಾಯಿತು. ಆಂಜಿಯೋಗ್ರಾಂ ಪರೀಕ್ಷೆ ನಡೆಸಿ ಸ್ಟೆಂಟ್ ಅಳವಡಿಸಲಾಗಿದೆ. ಆಸ್ಪತ್ರೆಗೆ ಹಲವು ಗಣ್ಯರು ಭೇಟಿ ನೀಡಿ ಆರೋಗ್ಯ ವಿಚಾರಿಸಿದರು. ಕಾರ್ಯಕರ್ತರು ಆತಂಕಪಡಬೇಕಿಲ್ಲ ಎಂದು ಕುಟುಂಬಸ್ಥರು ತಿಳಿಸಿದ್ದಾರೆ.
